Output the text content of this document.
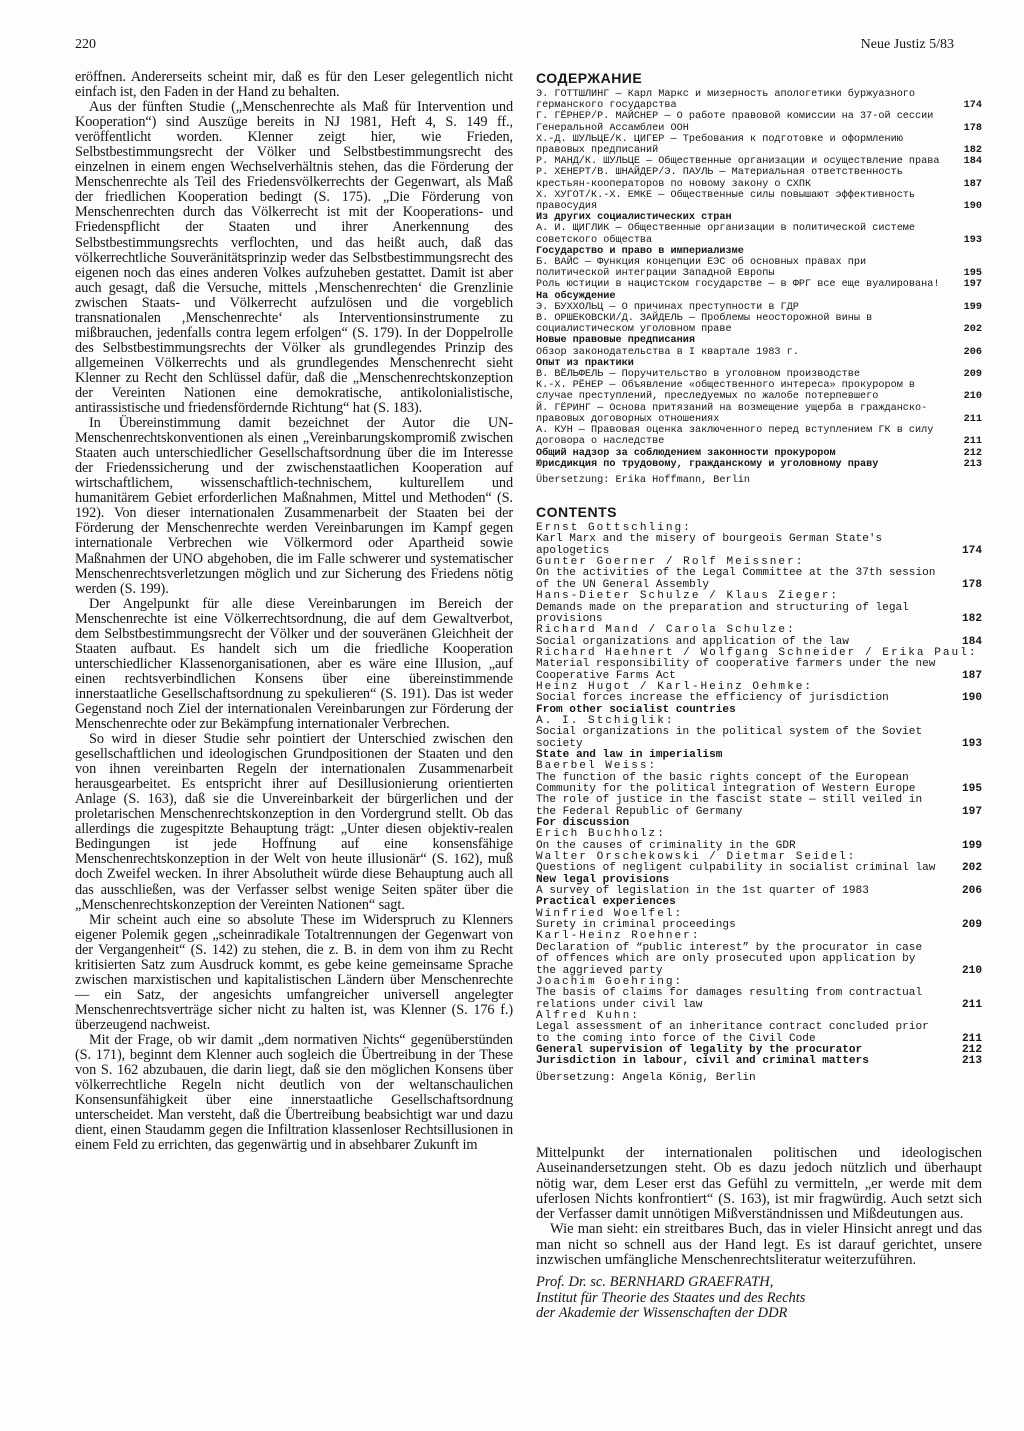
220	Neue Justiz 5/83

eröffnen. Andererseits scheint mir, daß es für den Leser gelegentlich nicht einfach ist, den Faden in der Hand zu behalten.

Aus der fünften Studie („Menschenrechte als Maß für Intervention und Kooperation“) sind Auszüge bereits in NJ 1981, Heft 4, S. 149 ff., veröffentlicht worden. Klenner zeigt hier, wie Frieden, Selbstbestimmungsrecht der Völker und Selbstbestimmungsrecht des einzelnen in einem engen Wechselverhältnis stehen, das die Förderung der Menschenrechte als Teil des Friedensvölkerrechts der Gegenwart, als Maß der friedlichen Kooperation bedingt (S. 175). „Die Förderung von Menschenrechten durch das Völkerrecht ist mit der Kooperations- und Friedenspflicht der Staaten und ihrer Anerkennung des Selbstbestimmungsrechts verflochten, und das heißt auch, daß das völkerrechtliche Souveränitätsprinzip weder das Selbstbestimmungsrecht des eigenen noch das eines anderen Volkes aufzuheben gestattet. Damit ist aber auch gesagt, daß die Versuche, mittels ‚Menschenrechten‘ die Grenzlinie zwischen Staats- und Völkerrecht aufzulösen und die vorgeblich transnationalen ‚Menschenrechte‘ als Interventionsinstrumente zu mißbrauchen, jedenfalls contra legem erfolgen“ (S. 179). In der Doppelrolle des Selbstbestimmungsrechts der Völker als grundlegendes Prinzip des allgemeinen Völkerrechts und als grundlegendes Menschenrecht sieht Klenner zu Recht den Schlüssel dafür, daß die „Menschenrechtskonzeption der Vereinten Nationen eine demokratische, antikolonialistische, antirassistische und friedensfördernde Richtung“ hat (S. 183).

In Übereinstimmung damit bezeichnet der Autor die UN-Menschenrechtskonventionen als einen „Vereinbarungskompromiß zwischen Staaten auch unterschiedlicher Gesellschaftsordnung über die im Interesse der Friedenssicherung und der zwischenstaatlichen Kooperation auf wirtschaftlichem, wissenschaftlich-technischem, kulturellem und humanitärem Gebiet erforderlichen Maßnahmen, Mittel und Methoden“ (S. 192). Von dieser internationalen Zusammenarbeit der Staaten bei der Förderung der Menschenrechte werden Vereinbarungen im Kampf gegen internationale Verbrechen wie Völkermord oder Apartheid sowie Maßnahmen der UNO abgehoben, die im Falle schwerer und systematischer Menschenrechtsverletzungen möglich und zur Sicherung des Friedens nötig werden (S. 199).

Der Angelpunkt für alle diese Vereinbarungen im Bereich der Menschenrechte ist eine Völkerrechtsordnung, die auf dem Gewaltverbot, dem Selbstbestimmungsrecht der Völker und der souveränen Gleichheit der Staaten aufbaut. Es handelt sich um die friedliche Kooperation unterschiedlicher Klassenorganisationen, aber es wäre eine Illusion, „auf einen rechtsverbindlichen Konsens über eine übereinstimmende innerstaatliche Gesellschaftsordnung zu spekulieren“ (S. 191). Das ist weder Gegenstand noch Ziel der internationalen Vereinbarungen zur Förderung der Menschenrechte oder zur Bekämpfung internationaler Verbrechen.

So wird in dieser Studie sehr pointiert der Unterschied zwischen den gesellschaftlichen und ideologischen Grundpositionen der Staaten und den von ihnen vereinbarten Regeln der internationalen Zusammenarbeit herausgearbeitet. Es entspricht ihrer auf Desillusionierung orientierten Anlage (S. 163), daß sie die Unvereinbarkeit der bürgerlichen und der proletarischen Menschenrechtskonzeption in den Vordergrund stellt. Ob das allerdings die zugespitzte Behauptung trägt: „Unter diesen objektiv-realen Bedingungen ist jede Hoffnung auf eine konsensfähige Menschenrechtskonzeption in der Welt von heute illusionär“ (S. 162), muß doch Zweifel wecken. In ihrer Absolutheit würde diese Behauptung auch all das ausschließen, was der Verfasser selbst wenige Seiten später über die „Menschenrechtskonzeption der Vereinten Nationen“ sagt.

Mir scheint auch eine so absolute These im Widerspruch zu Klenners eigener Polemik gegen „scheinradikale Totaltrennungen der Gegenwart von der Vergangenheit“ (S. 142) zu stehen, die z. B. in dem von ihm zu Recht kritisierten Satz zum Ausdruck kommt, es gebe keine gemeinsame Sprache zwischen marxistischen und kapitalistischen Ländern über Menschenrechte — ein Satz, der angesichts umfangreicher universell angelegter Menschenrechtsverträge sicher nicht zu halten ist, was Klenner (S. 176 f.) überzeugend nachweist.

Mit der Frage, ob wir damit „dem normativen Nichts“ gegenüberstünden (S. 171), beginnt dem Klenner auch sogleich die Übertreibung in der These von S. 162 abzubauen, die darin liegt, daß sie den möglichen Konsens über völkerrechtliche Regeln nicht deutlich von der weltanschaulichen Konsensunfähigkeit über eine innerstaatliche Gesellschaftsordnung unterscheidet. Man versteht, daß die Übertreibung beabsichtigt war und dazu dient, einen Staudamm gegen die Infiltration klassenloser Rechtsillusionen in einem Feld zu errichten, das gegenwärtig und in absehbarer Zukunft im

СОДЕРЖАНИЕ
Э. ГОТТШЛИНГ — Карл Маркс и мизерность апологетики буржуазного германского государства	174
Г. ГЁРНЕР/Р. МАЙСНЕР — О работе правовой комиссии на 37-ой сессии Генеральной Ассамблеи ООН	178
Х.-Д. ШУЛЬЦЕ/К. ЦИГЕР — Требования к подготовке и оформлению правовых предписаний	182
Р. МАНД/К. ШУЛЬЦЕ — Общественные организации и осуществление права	184
Р. ХЕНЕРТ/В. ШНАЙДЕР/Э. ПАУЛЬ — Материальная ответственность крестьян-кооператоров по новому закону о СХПК	187
Х. ХУГОТ/К.-Х. ЕМКЕ — Общественные силы повышают эффективность правосудия	190
Из других социалистических стран
А. И. ЩИГЛИК — Общественные организации в политической системе советского общества	193
Государство и право в империализме
Б. ВАЙС — Функция концепции ЕЭС об основных правах при политической интеграции Западной Европы	195
Роль юстиции в нацистском государстве — в ФРГ все еще вуалирована!	197
На обсуждение
Э. БУХХОЛЬЦ — О причинах преступности в ГДР	199
В. ОРШЕКОВСКИ/Д. ЗАЙДЕЛЬ — Проблемы неосторожной вины в социалистическом уголовном праве	202
Новые правовые предписания
Обзор законодательства в I квартале 1983 г.	206
Опыт из практики
В. ВЁЛЬФЕЛЬ — Поручительство в уголовном производстве	209
К.-Х. РЁНЕР — Объявление «общественного интереса» прокурором в случае преступлений, преследуемых по жалобе потерпевшего	210
Й. ГЁРИНГ — Основа притязаний на возмещение ущерба в гражданско-правовых договорных отношениях	211
А. КУН — Правовая оценка заключенного перед вступлением ГК в силу договора о наследстве	211
Общий надзор за соблюдением законности прокурором	212
Юрисдикция по трудовому, гражданскому и уголовному праву	213
Übersetzung: Erika Hoffmann, Berlin
CONTENTS
Ernst Gottschling:
Karl Marx and the misery of bourgeois German State's apologetics	174
Gunter Goerner / Rolf Meissner:
On the activities of the Legal Committee at the 37th session of the UN General Assembly	178
Hans-Dieter Schulze / Klaus Zieger:
Demands made on the preparation and structuring of legal provisions	182
Richard Mand / Carola Schulze:
Social organizations and application of the law	184
Richard Haehnert / Wolfgang Schneider / Erika Paul:
Material responsibility of cooperative farmers under the new Cooperative Farms Act	187
Heinz Hugot / Karl-Heinz Oehmke:
Social forces increase the efficiency of jurisdiction	190
From other socialist countries
A. I. Stchiglik:
Social organizations in the political system of the Soviet society	193
State and law in imperialism
Baerbel Weiss:
The function of the basic rights concept of the European Community for the political integration of Western Europe	195
The role of justice in the fascist state — still veiled in the Federal Republic of Germany	197
For discussion
Erich Buchholz:
On the causes of criminality in the GDR	199
Walter Orschekowski / Dietmar Seidel:
Questions of negligent culpability in socialist criminal law	202
New legal provisions
A survey of legislation in the 1st quarter of 1983	206
Practical experiences
Winfried Woelfel:
Surety in criminal proceedings	209
Karl-Heinz Roehner:
Declaration of “public interest” by the procurator in case of offences which are only prosecuted upon application by the aggrieved party	210
Joachim Goehring:
The basis of claims for damages resulting from contractual relations under civil law	211
Alfred Kuhn:
Legal assessment of an inheritance contract concluded prior to the coming into force of the Civil Code	211
General supervision of legality by the procurator	212
Jurisdiction in labour, civil and criminal matters	213
Übersetzung: Angela König, Berlin

Mittelpunkt der internationalen politischen und ideologischen Auseinandersetzungen steht. Ob es dazu jedoch nützlich und überhaupt nötig war, dem Leser erst das Gefühl zu vermitteln, „er werde mit dem uferlosen Nichts konfrontiert“ (S. 163), ist mir fragwürdig. Auch setzt sich der Verfasser damit unnötigen Mißverständnissen und Mißdeutungen aus.

Wie man sieht: ein streitbares Buch, das in vieler Hinsicht anregt und das man nicht so schnell aus der Hand legt. Es ist darauf gerichtet, unsere inzwischen umfängliche Menschenrechtsliteratur weiterzuführen.

Prof. Dr. sc. BERNHARD GRAEFRATH,
Institut für Theorie des Staates und des Rechts
der Akademie der Wissenschaften der DDR
